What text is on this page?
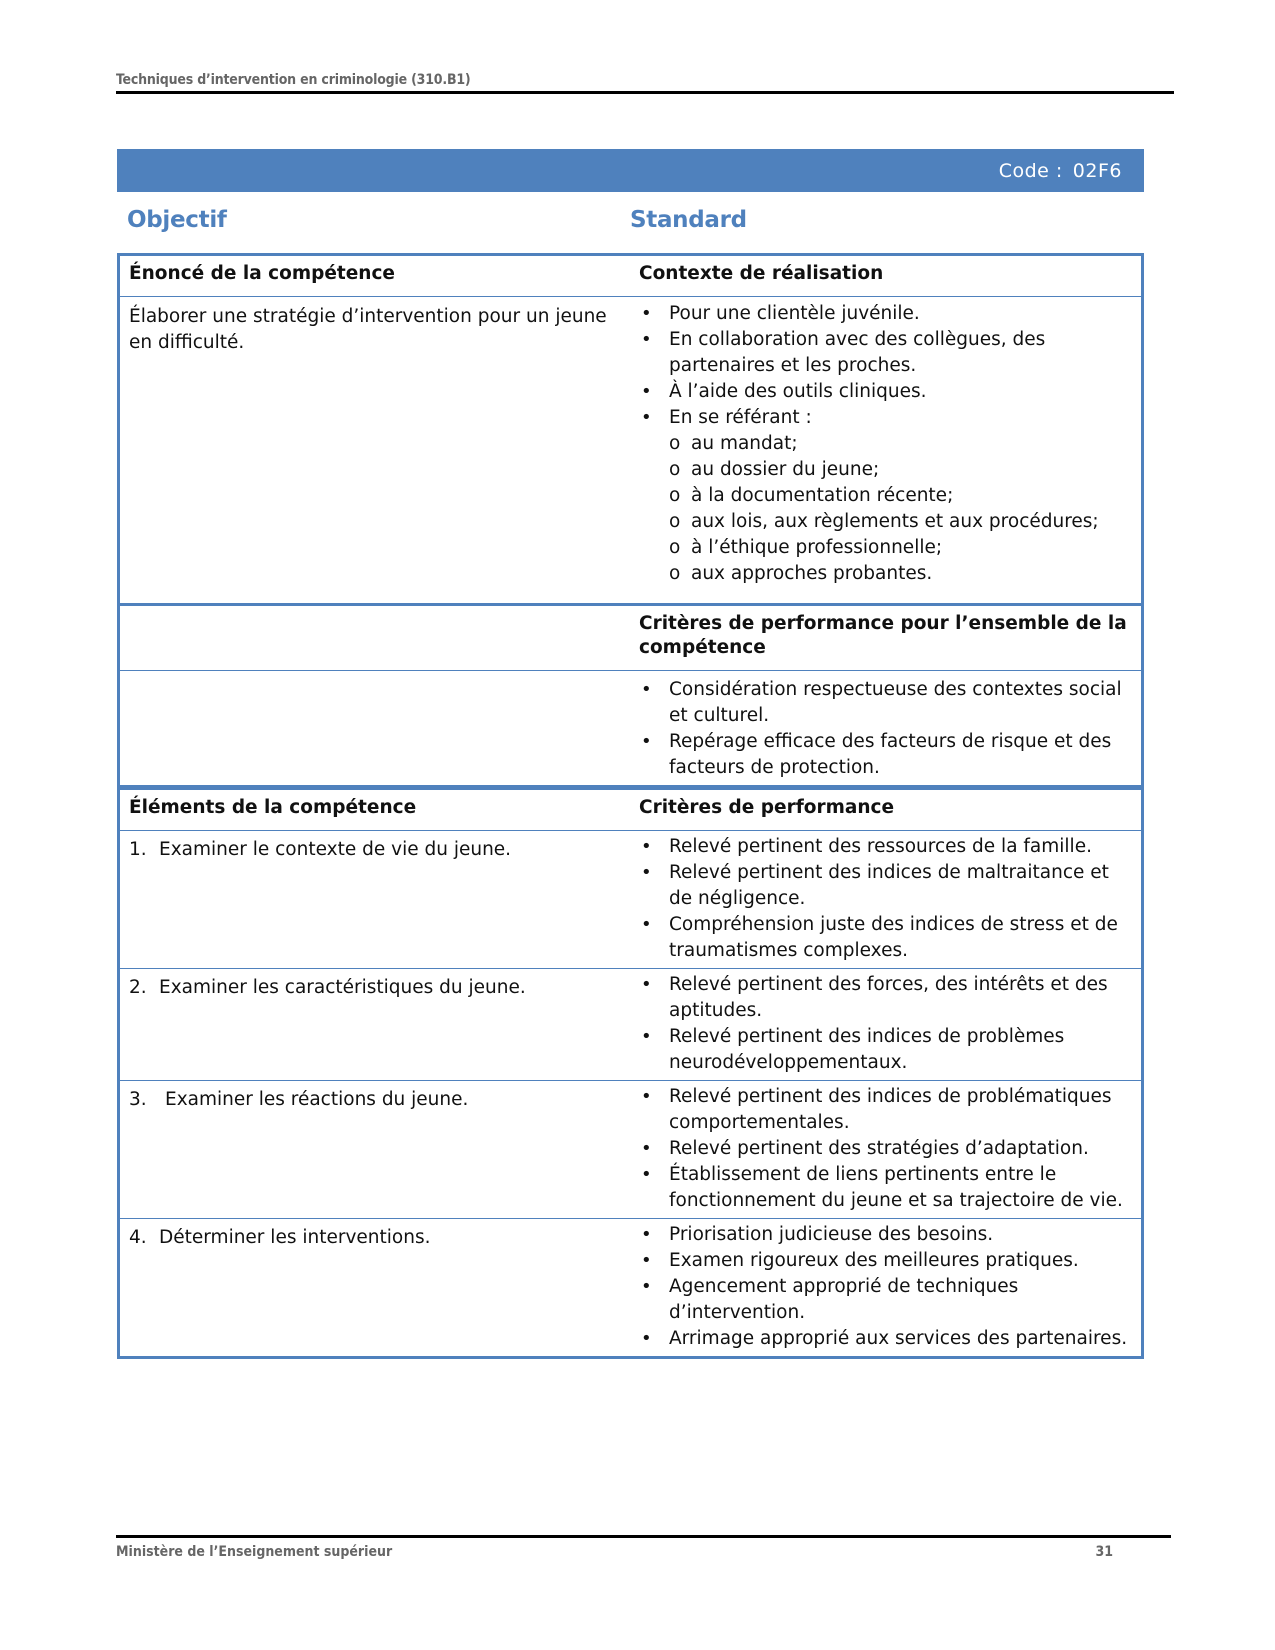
Techniques d’intervention en criminologie (310.B1)
Code : 02F6
Objectif	Standard
Énoncé de la compétence	Contexte de réalisation
Élaborer une stratégie d’intervention pour un jeune en difficulté.	
• Pour une clientèle juvénile.
• En collaboration avec des collègues, des partenaires et les proches.
• À l’aide des outils cliniques.
• En se référant :
o au mandat;
o au dossier du jeune;
o à la documentation récente;
o aux lois, aux règlements et aux procédures;
o à l’éthique professionnelle;
o aux approches probantes.

	Critères de performance pour l’ensemble de la compétence

• Considération respectueuse des contextes social et culturel.
• Repérage efficace des facteurs de risque et des facteurs de protection.

Éléments de la compétence	Critères de performance
1. Examiner le contexte de vie du jeune.	
•Relevé pertinent des ressources de la famille.
• Relevé pertinent des indices de maltraitance et de négligence.
• Compréhension juste des indices de stress et de traumatismes complexes.

2. Examiner les caractéristiques du jeune.	
•Relevé pertinent des forces, des intérêts et des aptitudes.
• Relevé pertinent des indices de problèmes neurodéveloppementaux.

3. Examiner les réactions du jeune.	
•Relevé pertinent des indices de problématiques comportementales.
• Relevé pertinent des stratégies d’adaptation.
• Établissement de liens pertinents entre le fonctionnement du jeune et sa trajectoire de vie.

4. Déterminer les interventions.	
•Priorisation judicieuse des besoins.
• Examen rigoureux des meilleures pratiques.
• Agencement approprié de techniques d’intervention.
• Arrimage approprié aux services des partenaires.
Ministère de l’Enseignement supérieur	31
